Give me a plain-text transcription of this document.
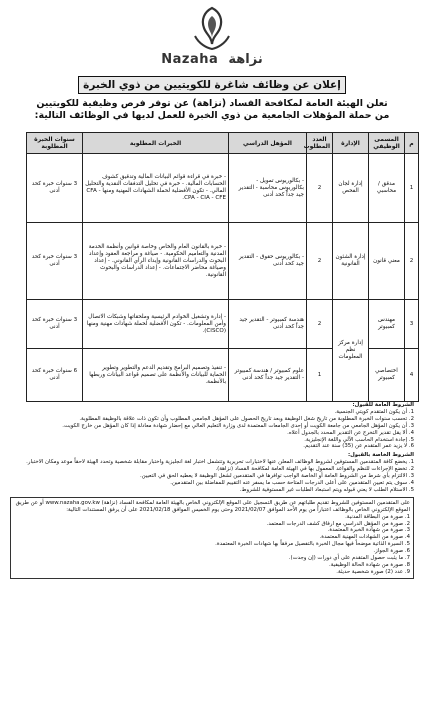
Nazaha نزاهة
إعلان عن وظائف شاغرة للكويتيين من ذوي الخبرة
تعلن الهيئة العامة لمكافحة الفساد (نزاهة) عن توفر فرص وظيفية للكويتيين
من حملة المؤهلات الجامعية من ذوي الخبرة للعمل لديها في الوظائف التالية:
م	المسمى الوظيفي	الإدارة	العدد المطلوب	المؤهل الدراسي	الخبرات المطلوبة	سنوات الخبرة المطلوبة
1	مدقق / محاسبي	إدارة لجان الفحص	2	- بكالوريوس تمويل - بكالوريوس محاسبة - التقدير جيد جداً كحد أدنى	- خبرة في قراءة قوائم البيانات المالية وتدقيق كشوف الحسابات المالية. - خبرة في تحليل التدفقات النقدية والتحليل المالي. - تكون الأفضلية لحملة الشهادات المهنية ومنها CFA - CPA - CIA - CFE.	3 سنوات خبرة كحد أدنى
2	معني قانون	إدارة الشئون القانونية	2	- بكالوريوس حقوق - التقدير جيد كحد أدنى	- خبرة بالقانون العام والخاص وخاصة قوانين وأنظمة الخدمة المدنية والتعاميم الحكومية. - صياغة و مراجعة العقود وإعداد البحوث والدراسات القانونية وإبداء الرأي القانوني. - إعداد وصياغة محاضر الاجتماعات. - إعداد الدراسات والبحوث القانونية.	3 سنوات خبرة كحد أدنى
3	مهندس كمبيوتر	إدارة مركز نظم المعلومات	2	هندسة كمبيوتر - التقدير جيد جداً كحد أدنى	- إدارة وتشغيل الخوادم الرئيسية وملحقاتها وشبكات الاتصال وأمن المعلومات. - تكون الأفضلية لحملة شهادات مهنية ومنها (CISCO).	3 سنوات خبرة كحد أدنى
4	اختصاصي كمبيوتر		1	علوم كمبيوتر / هندسة كمبيوتر - التقدير جيد جداً كحد أدنى	- تنفيذ وتصميم البرامج وتقديم الدعم والتطوير وتطوير الحماية للبيانات والأنظمة على تصميم قواعد البيانات وربطها بالأنظمة.	6 سنوات خبرة كحد أدنى

الشروط العامة للقبول:

1. أن يكون المتقدم كويتي الجنسية.

2. تحسب سنوات الخبرة المطلوبة من تاريخ شغل الوظيفة وبعد تاريخ الحصول على المؤهل الجامعي المطلوب وأن تكون ذات علاقة بالوظيفة المطلوبة.

3. أن يكون المؤهل الجامعي من جامعة الكويت أو إحدى الجامعات المعتمدة لدى وزارة التعليم العالي مع إحضار شهادة معادلة إذا كان المؤهل من خارج الكويت.

4. ألا يقل تقدير التخرج عن التقدير المحدد بالجدول أعلاه.

5. إجادة استخدام الحاسب الآلي واللغة الإنجليزية.

6. لا يزيد عمر المتقدم عن (35) سنة عند التقديم.

الشروط الخاصة بالقبول:

1. يخضع كافة المتقدمين المستوفين لشروط الوظائف المعلن عنها لاختبارات تحريرية وتتشمل اختبار لغة انجليزية واختبار مقابلة شخصية وتحدد الهيئة لاحقاً موعد ومكان الاختبار.

2. تخضع الإجراءات للنظم والقواعد المعمول بها في الهيئة العامة لمكافحة الفساد (نزاهة).

3. الالتزام بأي شرط من الشروط العامة أو الخاصة الواجب توافرها في المتقدمين لشغل الوظيفة لا يعطيه الحق في التعيين.

4. سوف يتم تعيين المتقدمين على أعلى الدرجات المتاحة حسب ما يسفر عنه التقييم للمفاضلة بين المتقدمين.

5. الاستلام الطلب لا يعني قبوله ويتم استبعاد الطلبات غير المستوفية للشروط.

على المتقدمين المستوفين للشروط تقديم طلباتهم عن طريق التسجيل على الموقع الإلكتروني الخاص بالهيئة العامة لمكافحة الفساد (نزاهة) www.nazaha.gov.kw أو عن طريق الموقع الإلكتروني الخاص بالوظائف اعتباراً من يوم الأحد الموافق 2021/02/07 وحتى يوم الخميس الموافق 2021/02/18 على أن يرفق المستندات التالية:

1. صورة من البطاقة المدنية.

2. صورة من المؤهل الدراسي مع ارفاق كشف الدرجات المعتمد.

3. صورة من شهادة الخبرة المعتمدة.

4. صورة من الشهادات المهنية المعتمدة.

5. السيرة الذاتية موضحاً فيها مجال الخبرة بالتفصيل مرفقاً بها شهادات الخبرة المعتمدة.

6. صورة الجواز.

7. ما يثبت حصول المتقدم على أي دورات (إن وجدت).

8. صورة من شهادة الحالة الوظيفية.

9. عدد (2) صورة شخصية حديثة.
